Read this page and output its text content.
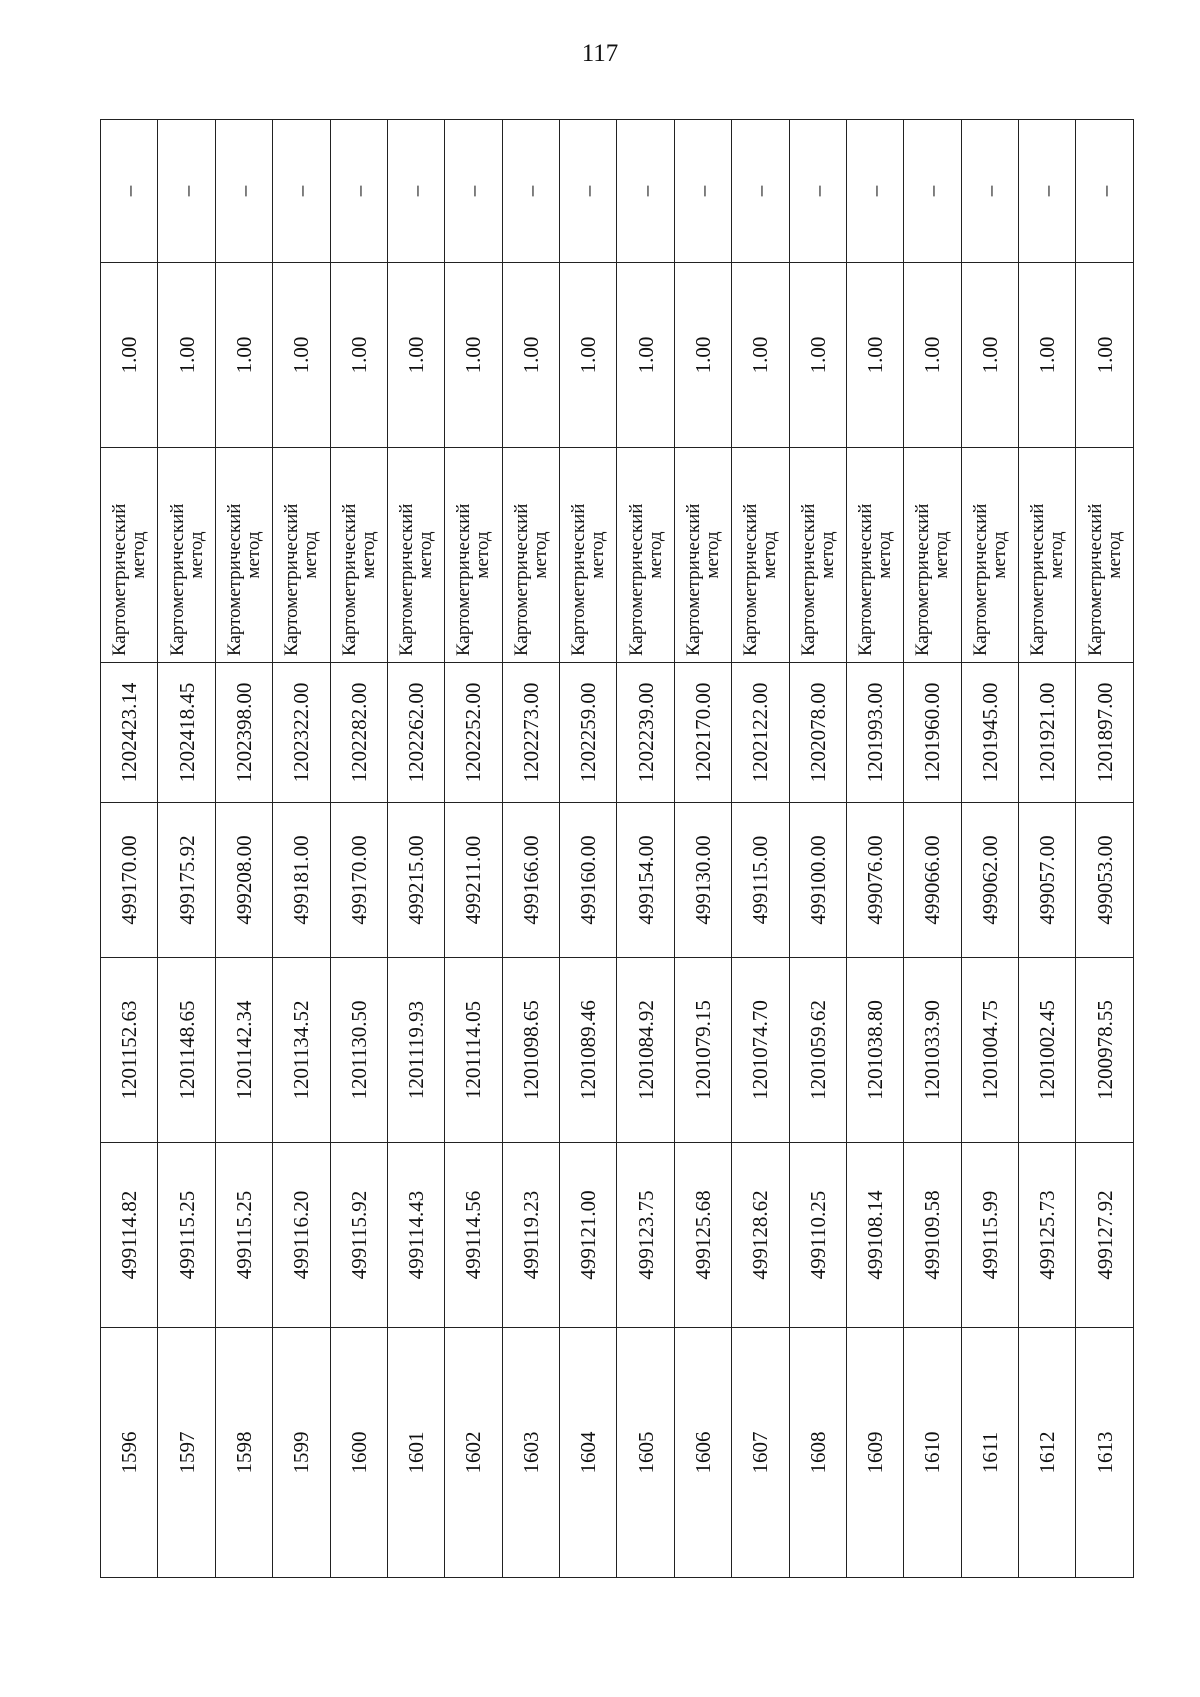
117
1596	499114.82	1201152.63	499170.00	1202423.14	Картометрический
метод	1.00	–
1597	499115.25	1201148.65	499175.92	1202418.45	Картометрический
метод	1.00	–
1598	499115.25	1201142.34	499208.00	1202398.00	Картометрический
метод	1.00	–
1599	499116.20	1201134.52	499181.00	1202322.00	Картометрический
метод	1.00	–
1600	499115.92	1201130.50	499170.00	1202282.00	Картометрический
метод	1.00	–
1601	499114.43	1201119.93	499215.00	1202262.00	Картометрический
метод	1.00	–
1602	499114.56	1201114.05	499211.00	1202252.00	Картометрический
метод	1.00	–
1603	499119.23	1201098.65	499166.00	1202273.00	Картометрический
метод	1.00	–
1604	499121.00	1201089.46	499160.00	1202259.00	Картометрический
метод	1.00	–
1605	499123.75	1201084.92	499154.00	1202239.00	Картометрический
метод	1.00	–
1606	499125.68	1201079.15	499130.00	1202170.00	Картометрический
метод	1.00	–
1607	499128.62	1201074.70	499115.00	1202122.00	Картометрический
метод	1.00	–
1608	499110.25	1201059.62	499100.00	1202078.00	Картометрический
метод	1.00	–
1609	499108.14	1201038.80	499076.00	1201993.00	Картометрический
метод	1.00	–
1610	499109.58	1201033.90	499066.00	1201960.00	Картометрический
метод	1.00	–
1611	499115.99	1201004.75	499062.00	1201945.00	Картометрический
метод	1.00	–
1612	499125.73	1201002.45	499057.00	1201921.00	Картометрический
метод	1.00	–
1613	499127.92	1200978.55	499053.00	1201897.00	Картометрический
метод	1.00	–
